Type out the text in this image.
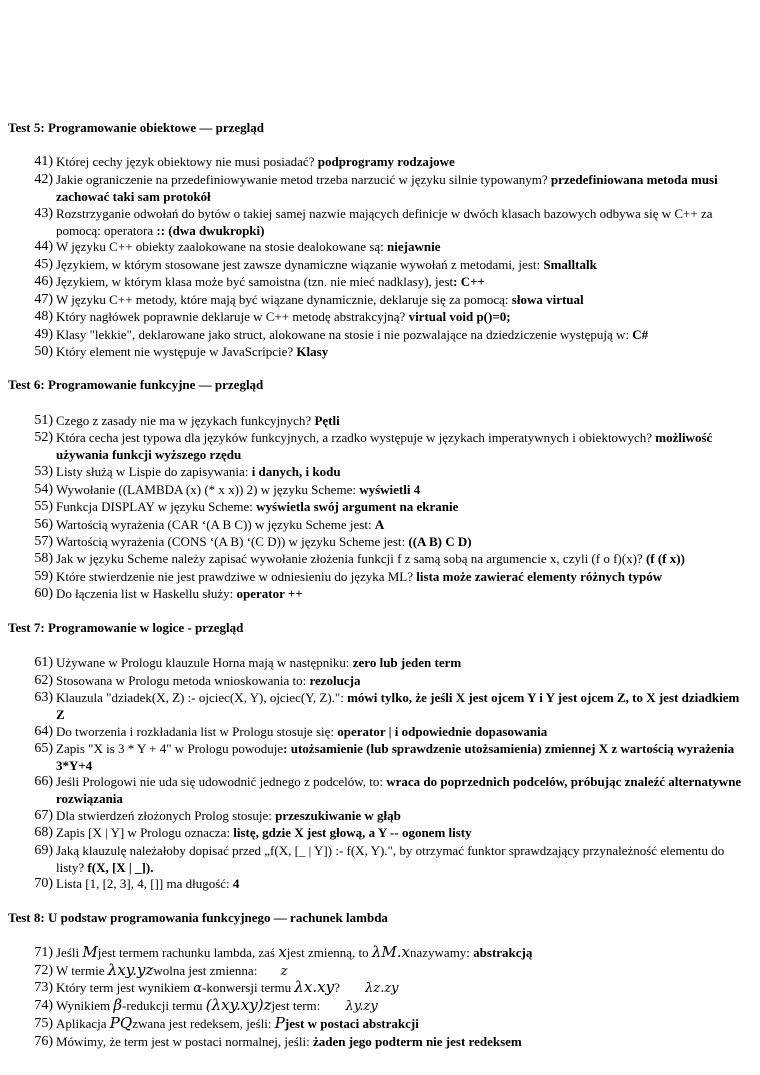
Test 5: Programowanie obiektowe — przegląd
41) Której cechy język obiektowy nie musi posiadać? podprogramy rodzajowe
42) Jakie ograniczenie na przedefiniowywanie metod trzeba narzucić w języku silnie typowanym? przedefiniowana metoda musi zachować taki sam protokół
43) Rozstrzyganie odwołań do bytów o takiej samej nazwie mających definicje w dwóch klasach bazowych odbywa się w C++ za pomocą: operatora :: (dwa dwukropki)
44) W języku C++ obiekty zaalokowane na stosie dealokowane są: niejawnie
45) Językiem, w którym stosowane jest zawsze dynamiczne wiązanie wywołań z metodami, jest: Smalltalk
46) Językiem, w którym klasa może być samoistna (tzn. nie mieć nadklasy), jest: C++
47) W języku C++ metody, które mają być wiązane dynamicznie, deklaruje się za pomocą: słowa virtual
48) Który nagłówek poprawnie deklaruje w C++ metodę abstrakcyjną? virtual void p()=0;
49) Klasy "lekkie", deklarowane jako struct, alokowane na stosie i nie pozwalające na dziedziczenie występują w: C#
50) Który element nie występuje w JavaScripcie? Klasy
Test 6: Programowanie funkcyjne — przegląd
51) Czego z zasady nie ma w językach funkcyjnych? Pętli
52) Która cecha jest typowa dla języków funkcyjnych, a rzadko występuje w językach imperatywnych i obiektowych? możliwość używania funkcji wyższego rzędu
53) Listy służą w Lispie do zapisywania: i danych, i kodu
54) Wywołanie ((LAMBDA (x) (* x x)) 2) w języku Scheme: wyświetli 4
55) Funkcja DISPLAY w języku Scheme: wyświetla swój argument na ekranie
56) Wartością wyrażenia (CAR ‘(A B C)) w języku Scheme jest: A
57) Wartością wyrażenia (CONS ‘(A B) ‘(C D)) w języku Scheme jest: ((A B) C D)
58) Jak w języku Scheme należy zapisać wywołanie złożenia funkcji f z samą sobą na argumencie x, czyli (f o f)(x)? (f (f x))
59) Które stwierdzenie nie jest prawdziwe w odniesieniu do języka ML? lista może zawierać elementy różnych typów
60) Do łączenia list w Haskellu służy: operator ++
Test 7: Programowanie w logice - przegląd
61) Używane w Prologu klauzule Horna mają w następniku: zero lub jeden term
62) Stosowana w Prologu metoda wnioskowania to: rezolucja
63) Klauzula "dziadek(X, Z) :- ojciec(X, Y), ojciec(Y, Z).": mówi tylko, że jeśli X jest ojcem Y i Y jest ojcem Z, to X jest dziadkiem Z
64) Do tworzenia i rozkładania list w Prologu stosuje się: operator | i odpowiednie dopasowania
65) Zapis "X is 3 * Y + 4" w Prologu powoduje: utożsamienie (lub sprawdzenie utożsamienia) zmiennej X z wartością wyrażenia 3*Y+4
66) Jeśli Prologowi nie uda się udowodnić jednego z podcelów, to: wraca do poprzednich podcelów, próbując znaleźć alternatywne rozwiązania
67) Dla stwierdzeń złożonych Prolog stosuje: przeszukiwanie w głąb
68) Zapis [X | Y] w Prologu oznacza: listę, gdzie X jest głową, a Y -- ogonem listy
69) Jaką klauzulę należałoby dopisać przed „f(X, [_ | Y]) :- f(X, Y).", by otrzymać funktor sprawdzający przynależność elementu do listy? f(X, [X | _]).
70) Lista [1, [2, 3], 4, []] ma długość: 4
Test 8: U podstaw programowania funkcyjnego — rachunek lambda
71) Jeśli Mjest termem rachunku lambda, zaś xjest zmienną, to λM.xnazywamy: abstrakcją
72) W termie λxy.yzwolna jest zmienna: z
73) Który term jest wynikiem α-konwersji termu λx.xy? λz.zy
74) Wynikiem β-redukcji termu (λxy.xy)zjest term: λy.zy
75) Aplikacja PQzwana jest redeksem, jeśli: Pjest w postaci abstrakcji
76) Mówimy, że term jest w postaci normalnej, jeśli: żaden jego podterm nie jest redeksem
